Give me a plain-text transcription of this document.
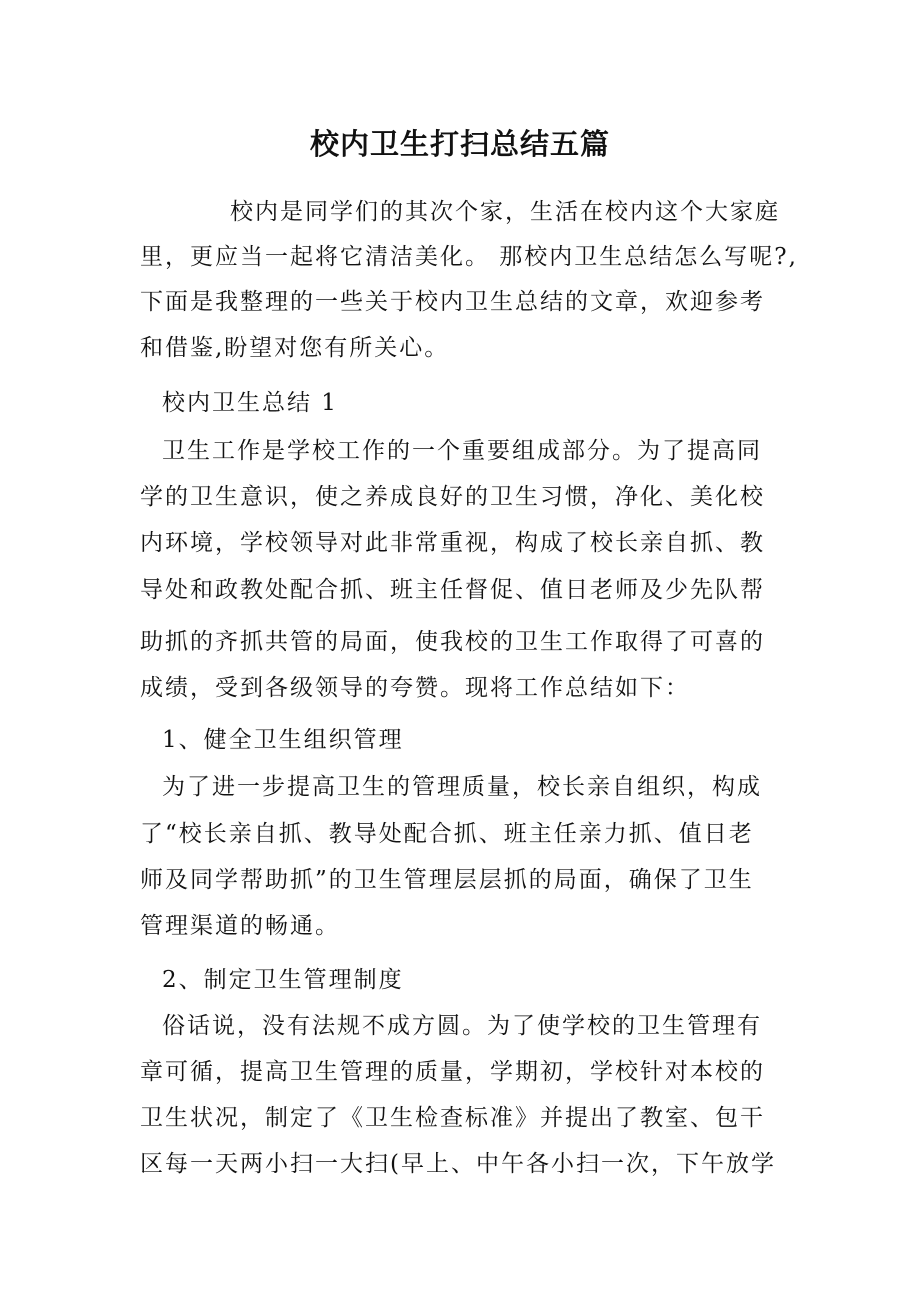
校内卫生打扫总结五篇
校内是同学们的其次个家，生活在校内这个大家庭
里，更应当一起将它清洁美化。 那校内卫生总结怎么写呢?,
下面是我整理的一些关于校内卫生总结的文章，欢迎参考
和借鉴,盼望对您有所关心。
校内卫生总结 1
卫生工作是学校工作的一个重要组成部分。为了提高同
学的卫生意识，使之养成良好的卫生习惯，净化、美化校
内环境，学校领导对此非常重视，构成了校长亲自抓、教
导处和政教处配合抓、班主任督促、值日老师及少先队帮
助抓的齐抓共管的局面，使我校的卫生工作取得了可喜的
成绩，受到各级领导的夸赞。现将工作总结如下：
1、健全卫生组织管理
为了进一步提高卫生的管理质量，校长亲自组织，构成
了“校长亲自抓、教导处配合抓、班主任亲力抓、值日老
师及同学帮助抓”的卫生管理层层抓的局面，确保了卫生
管理渠道的畅通。
2、制定卫生管理制度
俗话说，没有法规不成方圆。为了使学校的卫生管理有
章可循，提高卫生管理的质量，学期初，学校针对本校的
卫生状况，制定了《卫生检查标准》并提出了教室、包干
区每一天两小扫一大扫(早上、中午各小扫一次，下午放学
